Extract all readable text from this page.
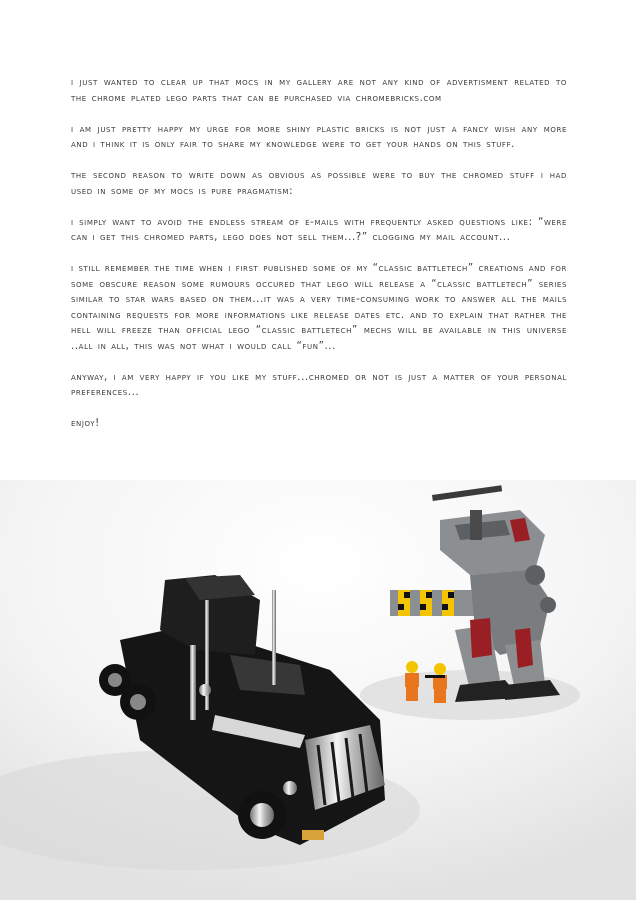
i just wanted to clear up that mocs in my gallery are not any kind of advertisment related to the chrome plated lego parts that can be purchased via chromebricks.com

i am just pretty happy my urge for more shiny plastic bricks is not just a fancy wish any more and i think it is only fair to share my knowledge were to get your hands on this stuff.

the second reason to write down as obvious as possible were to buy the chromed stuff i had used in some of my mocs is pure pragmatism:

i simply want to avoid the endless stream of e-mails with frequently asked questions like: “were can i get this chromed parts, lego does not sell them...?” clogging my mail account...

i still remember the time when i first published some of my “classic battletech” creations and for some obscure reason some rumours occured that lego will release a “classic battletech” series similar to star wars based on them...it was a very time-consuming work to answer all the mails containing requests for more informations like release dates etc. and to explain that rather the hell will freeze than official lego “classic battletech” mechs will be available in this universe ..all in all, this was not what i would call “fun”...

anyway, i am very happy if you like my stuff...chromed or not is just a matter of your personal preferences...

enjoy!
